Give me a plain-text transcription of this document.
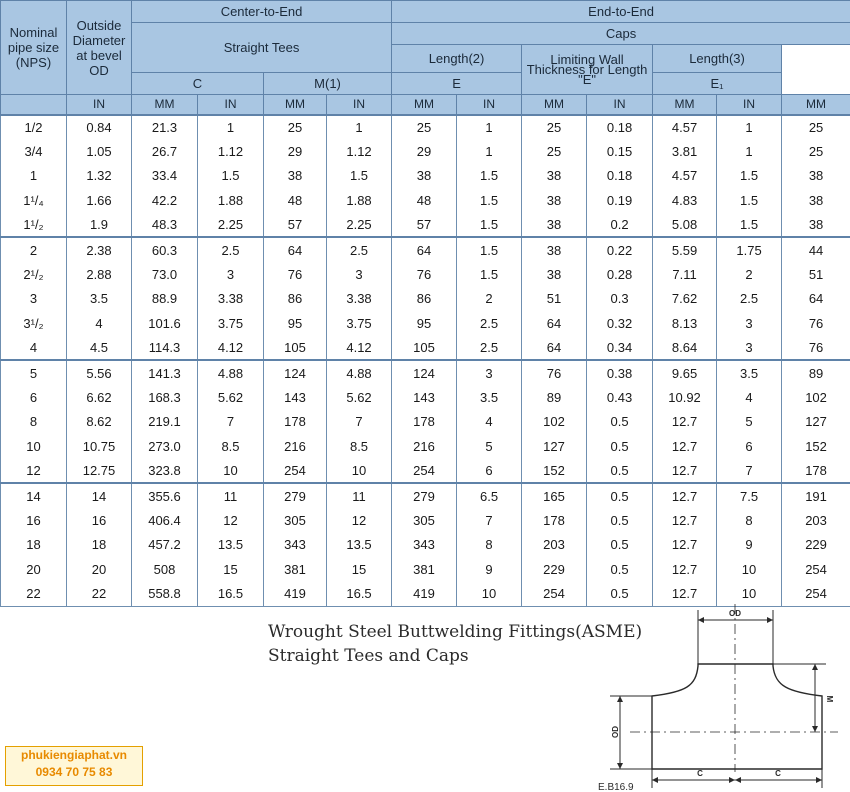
Nominal pipe size (NPS)	Outside Diameter at bevel OD	Center-to-End				End-to-End						
		Straight Tees				Caps						
						Length(2)		Limiting Wall Thickness for Length "E"		Length(3)		
		C		M(1)		E				E₁		
	IN	MM	IN	MM	IN	MM	IN	MM	IN	MM	IN	MM
1/2	0.84	21.3	1	25	1	25	1	25	0.18	4.57	1	25
3/4	1.05	26.7	1.12	29	1.12	29	1	25	0.15	3.81	1	25
1	1.32	33.4	1.5	38	1.5	38	1.5	38	0.18	4.57	1.5	38
1¹/₄	1.66	42.2	1.88	48	1.88	48	1.5	38	0.19	4.83	1.5	38
1¹/₂	1.9	48.3	2.25	57	2.25	57	1.5	38	0.2	5.08	1.5	38
2	2.38	60.3	2.5	64	2.5	64	1.5	38	0.22	5.59	1.75	44
2¹/₂	2.88	73.0	3	76	3	76	1.5	38	0.28	7.11	2	51
3	3.5	88.9	3.38	86	3.38	86	2	51	0.3	7.62	2.5	64
3¹/₂	4	101.6	3.75	95	3.75	95	2.5	64	0.32	8.13	3	76
4	4.5	114.3	4.12	105	4.12	105	2.5	64	0.34	8.64	3	76
5	5.56	141.3	4.88	124	4.88	124	3	76	0.38	9.65	3.5	89
6	6.62	168.3	5.62	143	5.62	143	3.5	89	0.43	10.92	4	102
8	8.62	219.1	7	178	7	178	4	102	0.5	12.7	5	127
10	10.75	273.0	8.5	216	8.5	216	5	127	0.5	12.7	6	152
12	12.75	323.8	10	254	10	254	6	152	0.5	12.7	7	178
14	14	355.6	11	279	11	279	6.5	165	0.5	12.7	7.5	191
16	16	406.4	12	305	12	305	7	178	0.5	12.7	8	203
18	18	457.2	13.5	343	13.5	343	8	203	0.5	12.7	9	229
20	20	508	15	381	15	381	9	229	0.5	12.7	10	254
22	22	558.8	16.5	419	16.5	419	10	254	0.5	12.7	10	254
Wrought Steel Buttwelding Fittings(ASME)
Straight Tees and Caps
phukiengiaphat.vn
0934 70 75 83
OD
OD
M
C	C
E.B16.9
